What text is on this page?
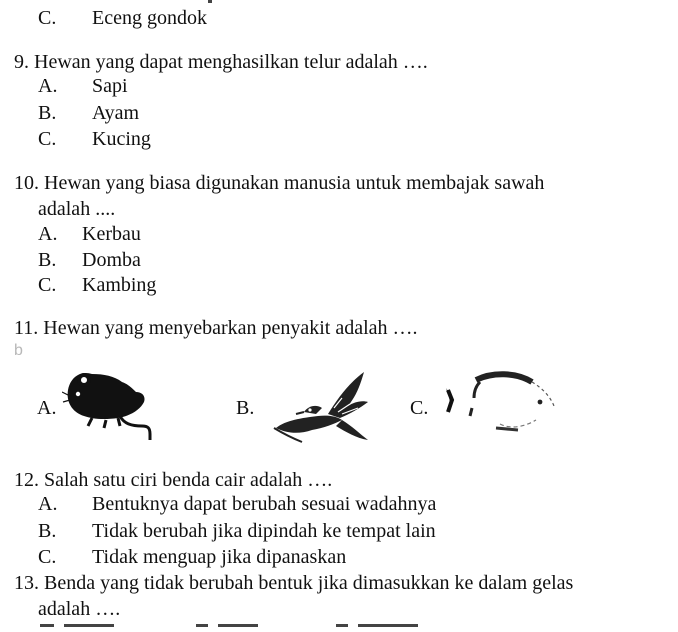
C. Eceng gondok
9. Hewan yang dapat menghasilkan telur adalah ….
A. Sapi
B. Ayam
C. Kucing
10. Hewan yang biasa digunakan manusia untuk membajak sawah
adalah ....
A. Kerbau
B. Domba
C. Kambing
11. Hewan yang menyebarkan penyakit adalah ….
b
A.	B.	C.
12. Salah satu ciri benda cair adalah ….
A. Bentuknya dapat berubah sesuai wadahnya
B. Tidak berubah jika dipindah ke tempat lain
C. Tidak menguap jika dipanaskan
13. Benda yang tidak berubah bentuk jika dimasukkan ke dalam gelas
adalah ….
